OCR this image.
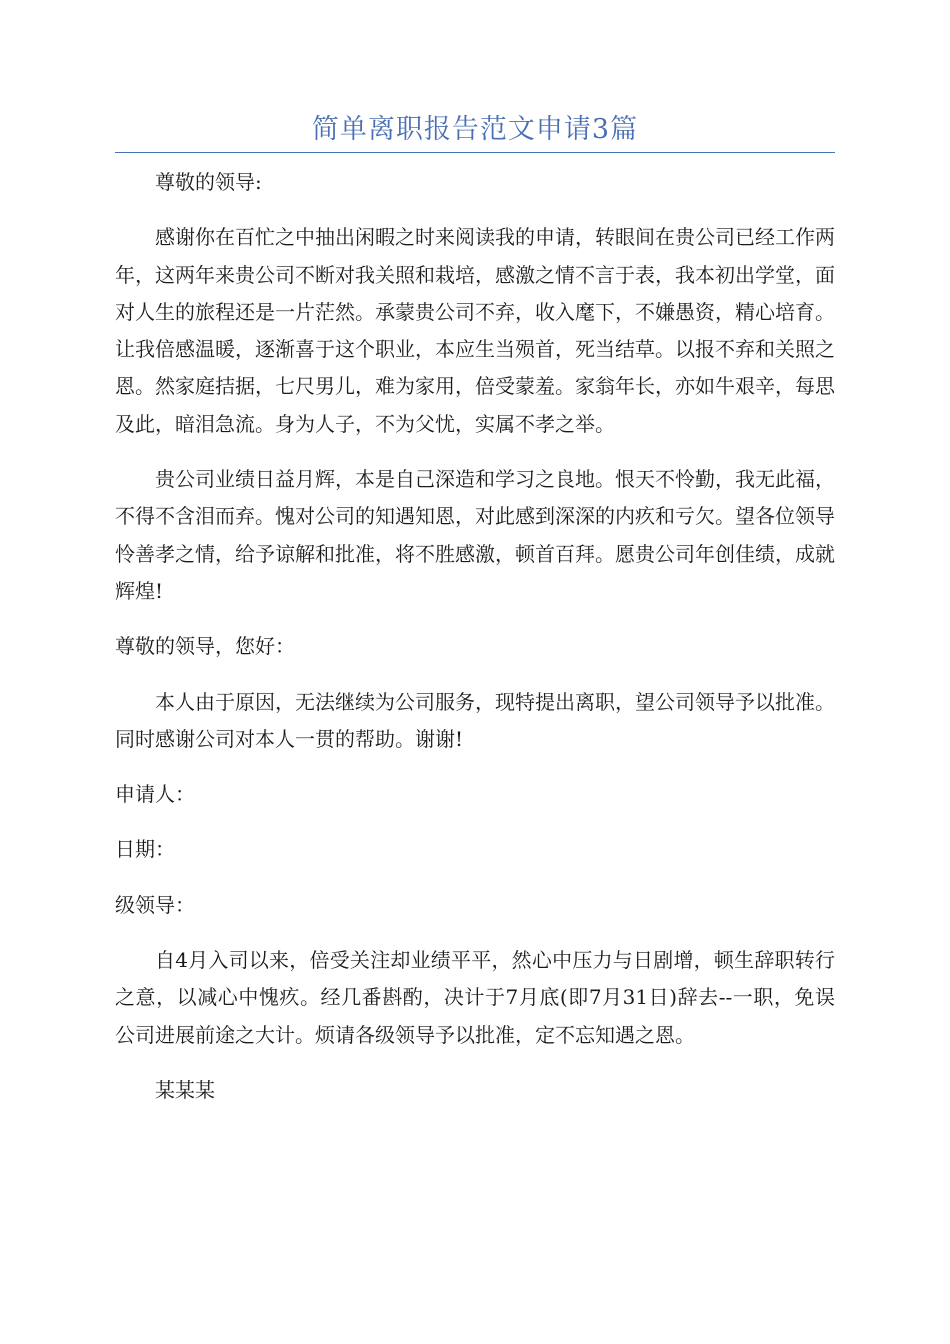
简单离职报告范文申请3篇

尊敬的领导:

感谢你在百忙之中抽出闲暇之时来阅读我的申请，转眼间在贵公司已经工作两年，这两年来贵公司不断对我关照和栽培，感激之情不言于表，我本初出学堂，面对人生的旅程还是一片茫然。承蒙贵公司不弃，收入麾下，不嫌愚资，精心培育。让我倍感温暖，逐渐喜于这个职业，本应生当殒首，死当结草。以报不弃和关照之恩。然家庭拮据，七尺男儿，难为家用，倍受蒙羞。家翁年长，亦如牛艰辛，每思及此，暗泪急流。身为人子，不为父忧，实属不孝之举。

贵公司业绩日益月辉，本是自己深造和学习之良地。恨天不怜勤，我无此福，不得不含泪而弃。愧对公司的知遇知恩，对此感到深深的内疚和亏欠。望各位领导怜善孝之情，给予谅解和批准，将不胜感激，顿首百拜。愿贵公司年创佳绩，成就辉煌!

尊敬的领导，您好：

本人由于原因，无法继续为公司服务，现特提出离职，望公司领导予以批准。同时感谢公司对本人一贯的帮助。谢谢!

申请人：

日期：

级领导：

自4月入司以来，倍受关注却业绩平平，然心中压力与日剧增，顿生辞职转行之意，以减心中愧疚。经几番斟酌，决计于7月底(即7月31日)辞去--一职，免误公司进展前途之大计。烦请各级领导予以批准，定不忘知遇之恩。

某某某
